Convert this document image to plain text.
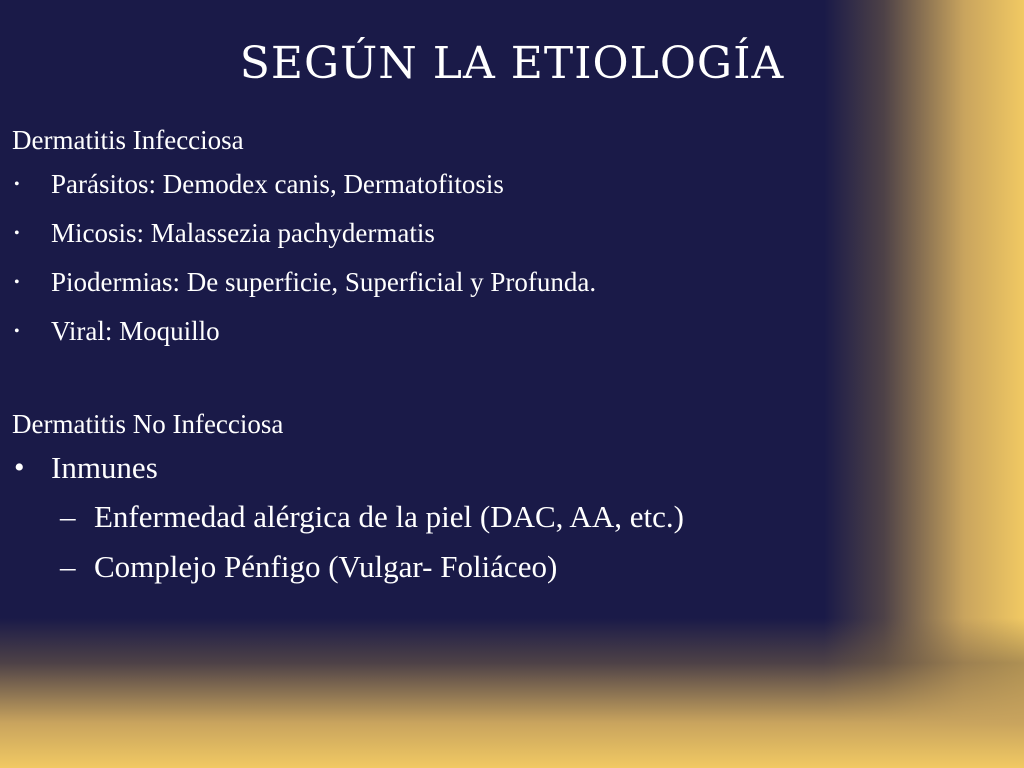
SEGÚN LA ETIOLOGÍA
Dermatitis Infecciosa
•	Parásitos: Demodex canis, Dermatofitosis
•	Micosis: Malassezia pachydermatis
•	Piodermias: De superficie, Superficial y Profunda.
•	Viral: Moquillo
Dermatitis No Infecciosa
• Inmunes
– Enfermedad alérgica de la piel (DAC, AA, etc.)
– Complejo Pénfigo (Vulgar- Foliáceo)
